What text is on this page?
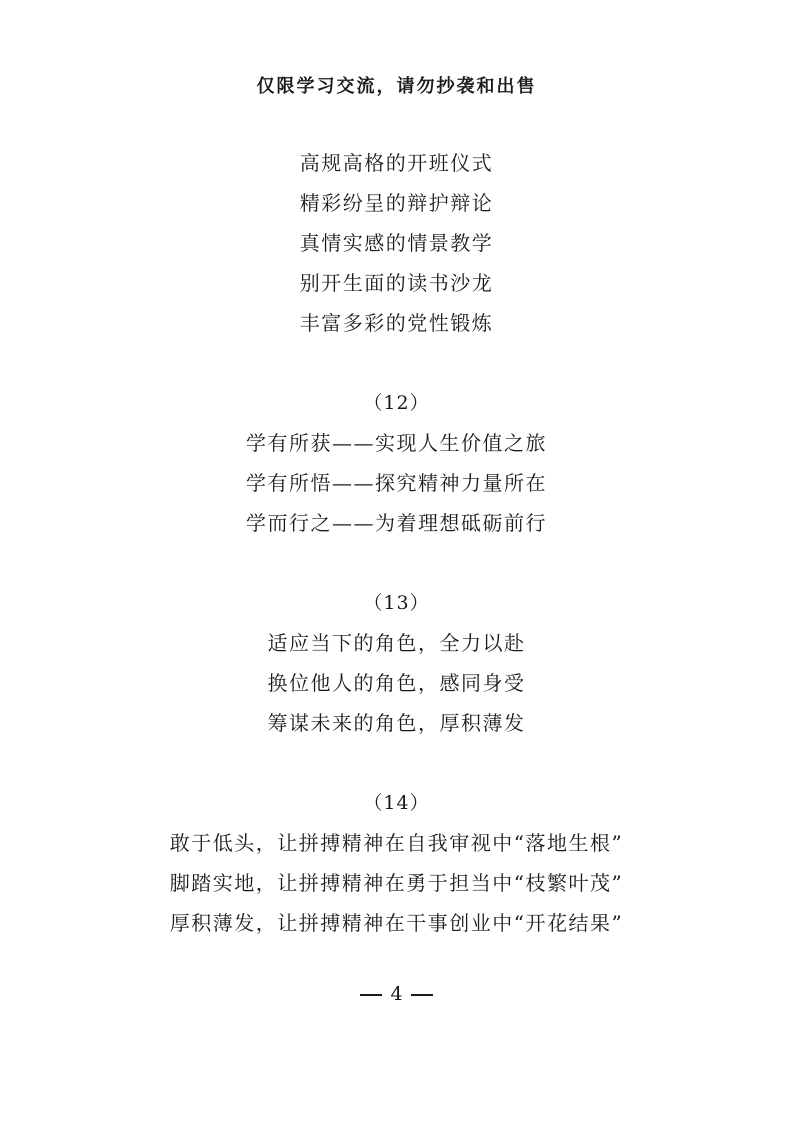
仅限学习交流，请勿抄袭和出售
高规高格的开班仪式
精彩纷呈的辩护辩论
真情实感的情景教学
别开生面的读书沙龙
丰富多彩的党性锻炼
（12）
学有所获——实现人生价值之旅
学有所悟——探究精神力量所在
学而行之——为着理想砥砺前行
（13）
适应当下的角色，全力以赴
换位他人的角色，感同身受
筹谋未来的角色，厚积薄发
（14）
敢于低头，让拼搏精神在自我审视中“落地生根”
脚踏实地，让拼搏精神在勇于担当中“枝繁叶茂”
厚积薄发，让拼搏精神在干事创业中“开花结果”
4
